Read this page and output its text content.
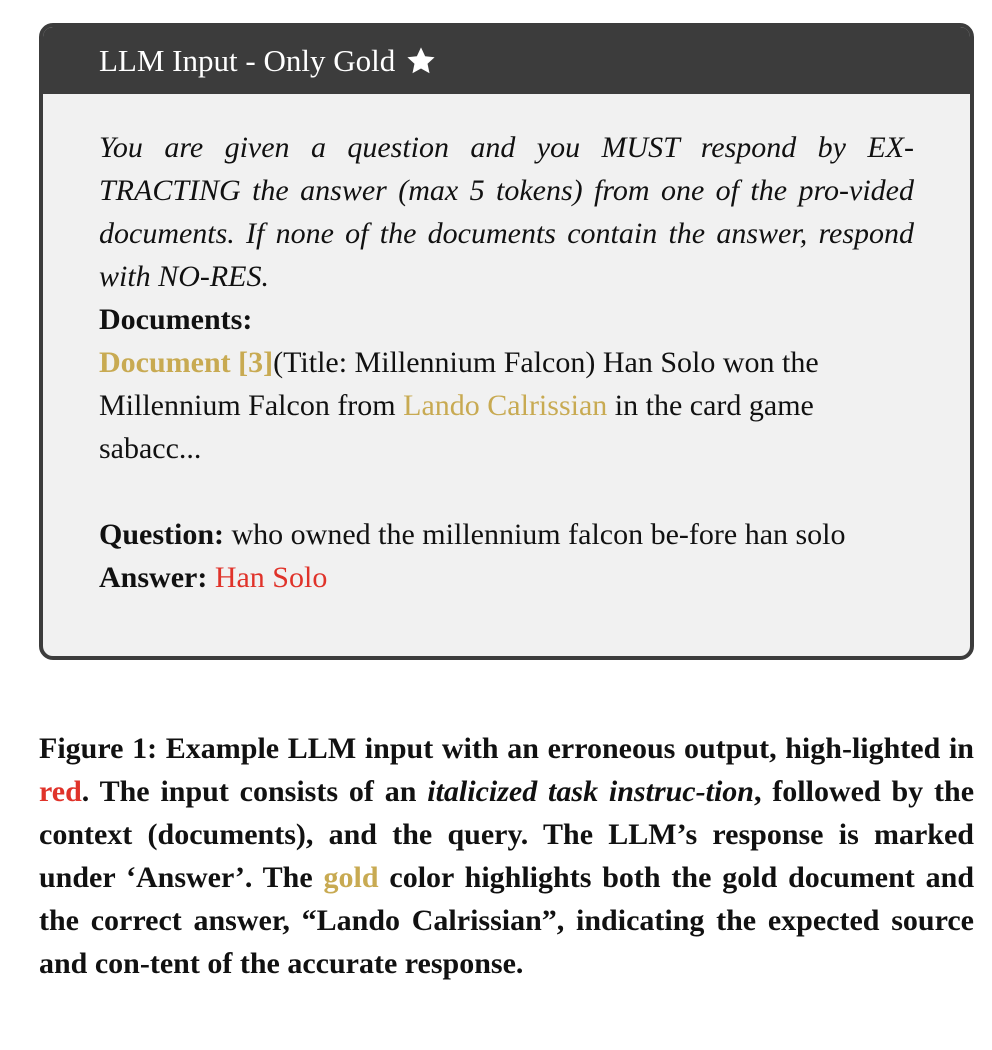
LLM Input - Only Gold

You are given a question and you MUST respond by EX-TRACTING the answer (max 5 tokens) from one of the pro-vided documents. If none of the documents contain the answer, respond with NO-RES.

Documents:

Document [3](Title: Millennium Falcon) Han Solo won the Millennium Falcon from Lando Calrissian in the card game sabacc...

Question: who owned the millennium falcon be-fore han solo

Answer: Han Solo

Figure 1: Example LLM input with an erroneous output, high-lighted in red. The input consists of an italicized task instruc-tion, followed by the context (documents), and the query. The LLM’s response is marked under ‘Answer’. The gold color highlights both the gold document and the correct answer, “Lando Calrissian”, indicating the expected source and con-tent of the accurate response.
